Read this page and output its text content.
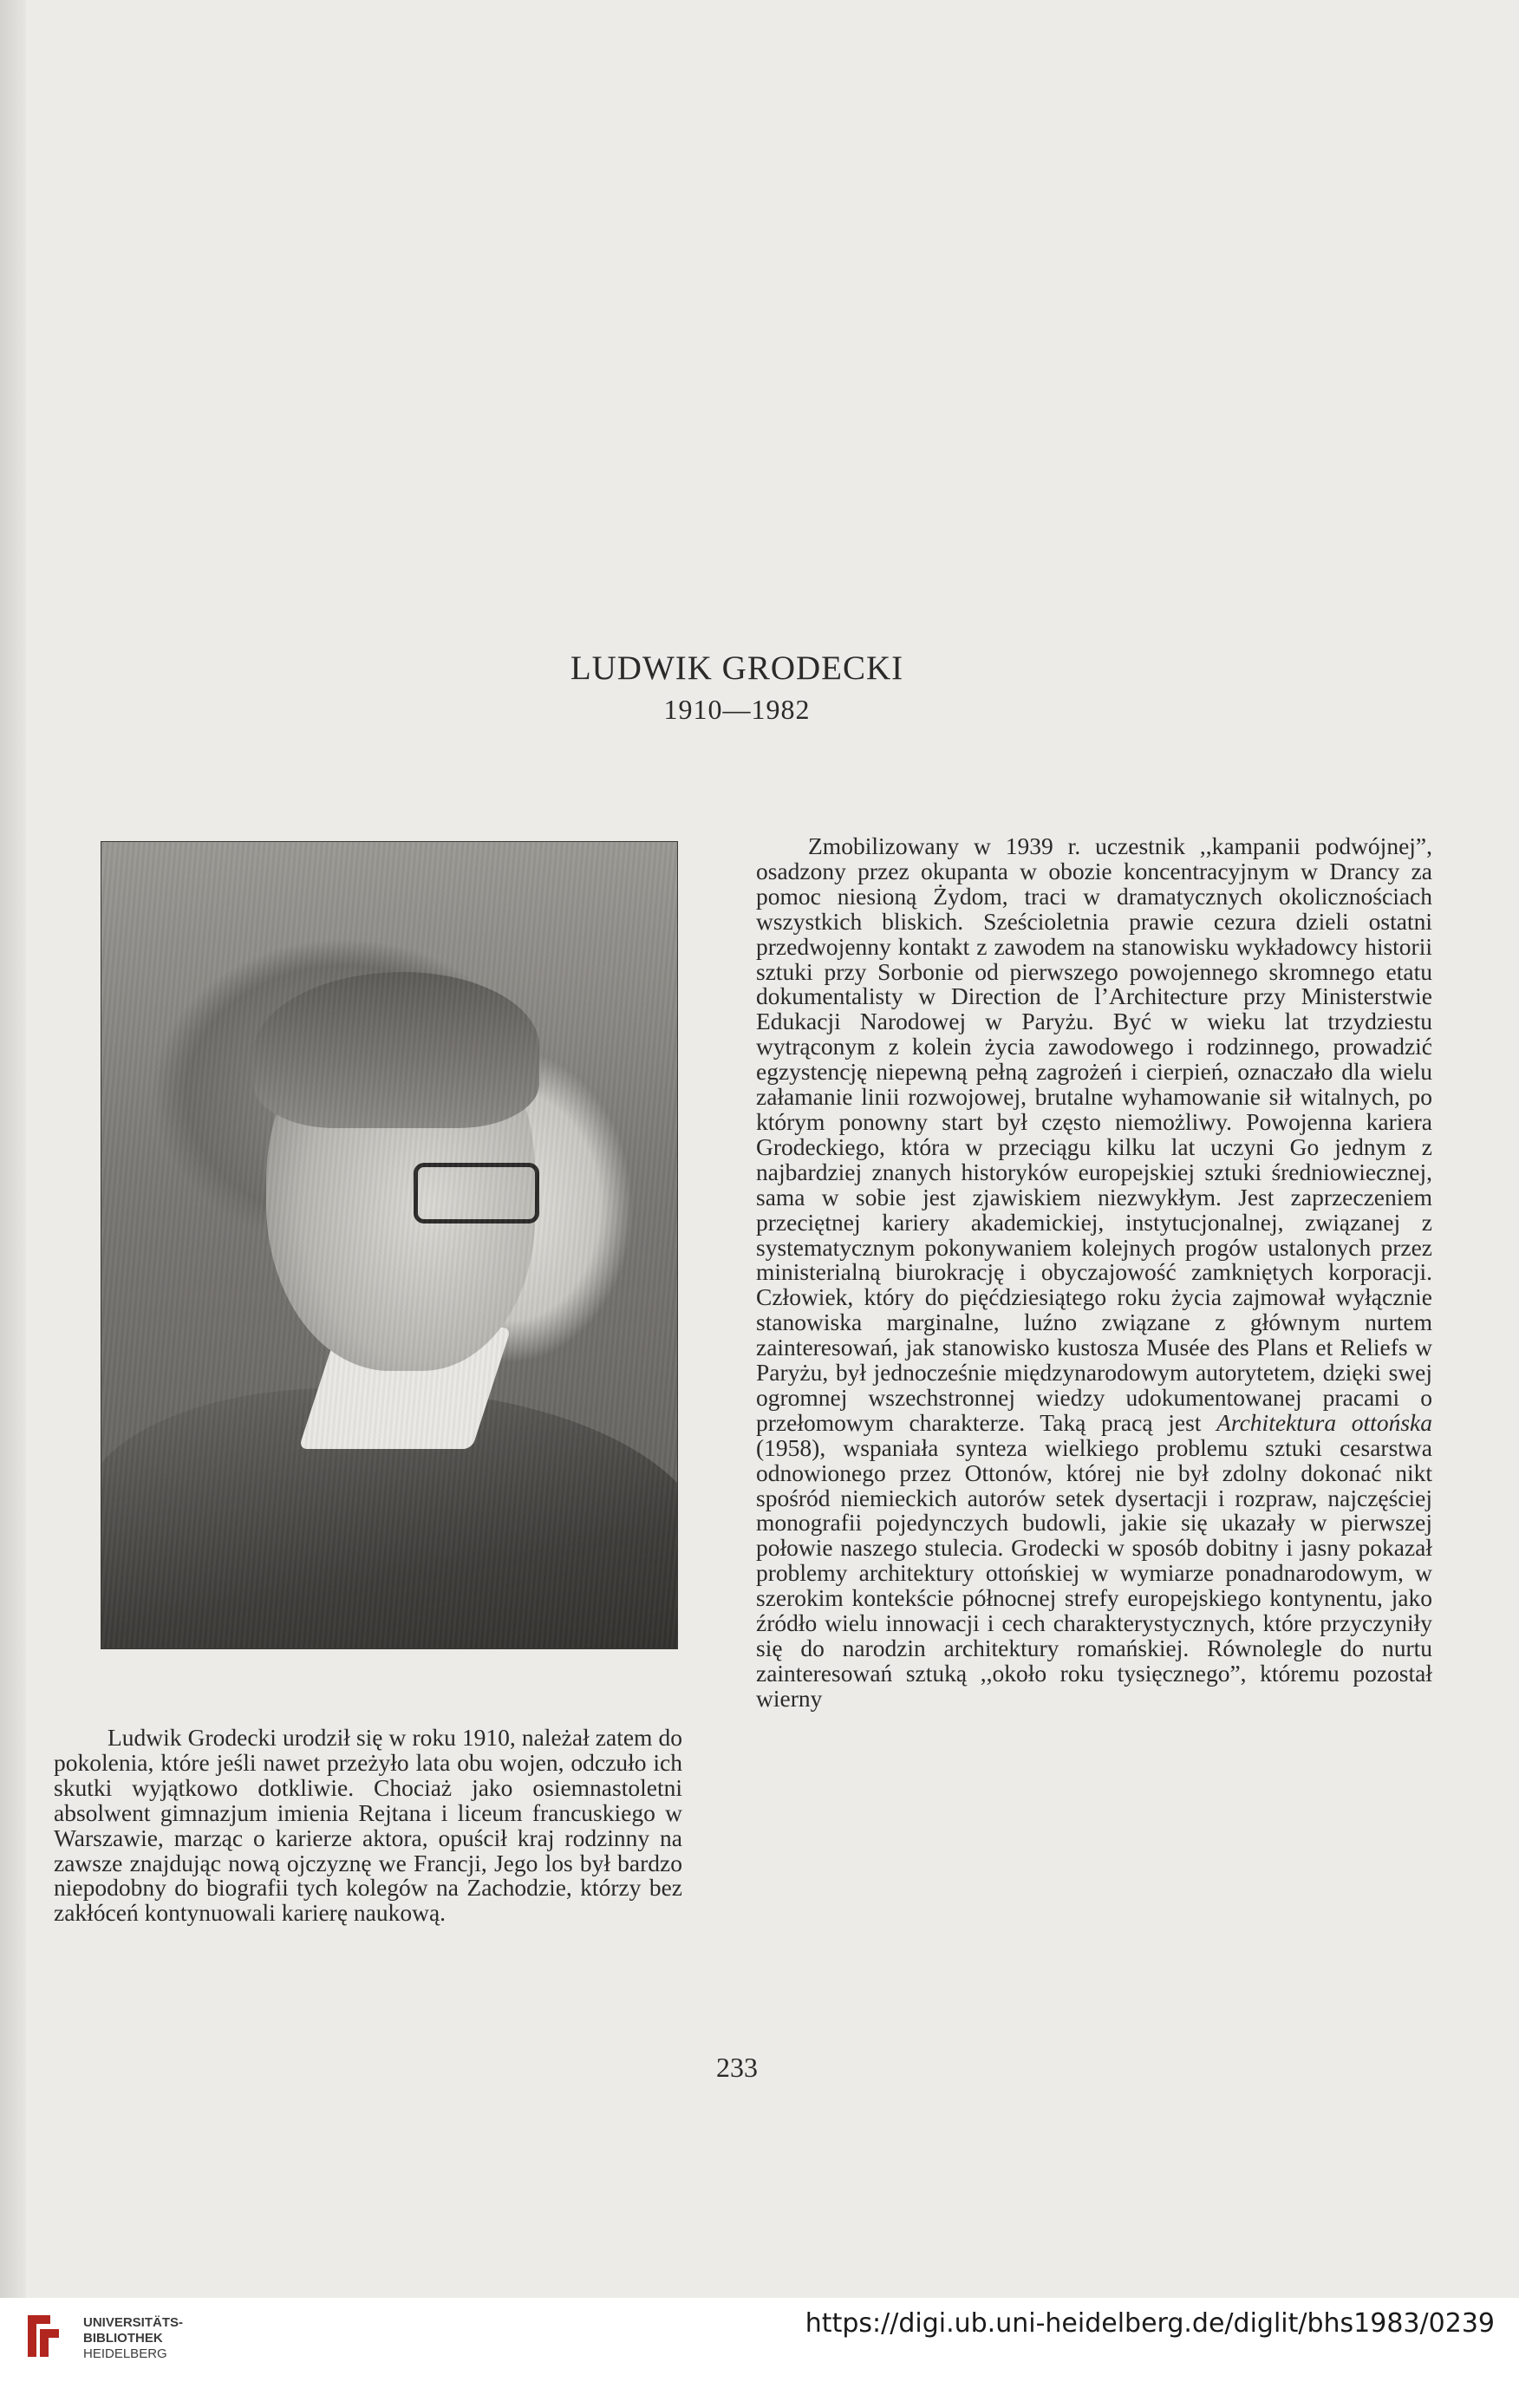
LUDWIK GRODECKI
1910—1982

Ludwik Grodecki urodził się w roku 1910, należał zatem do pokolenia, które jeśli nawet przeżyło lata obu wojen, odczuło ich skutki wyjątkowo dotkliwie. Chociaż jako osiemnastoletni absolwent gimnazjum imienia Rejtana i liceum francuskiego w Warszawie, marząc o karierze aktora, opuścił kraj rodzinny na zawsze znajdując nową ojczyznę we Francji, Jego los był bardzo niepodobny do biografii tych kolegów na Zachodzie, którzy bez zakłóceń kontynuowali karierę naukową.

Zmobilizowany w 1939 r. uczestnik ,,kampanii podwójnej”, osadzony przez okupanta w obozie koncentracyjnym w Drancy za pomoc niesioną Żydom, traci w dramatycznych okolicznościach wszystkich bliskich. Sześcioletnia prawie cezura dzieli ostatni przedwojenny kontakt z zawodem na stanowisku wykładowcy historii sztuki przy Sorbonie od pierwszego powojennego skromnego etatu dokumentalisty w Direction de l’Architecture przy Ministerstwie Edukacji Narodowej w Paryżu. Być w wieku lat trzydziestu wytrąconym z kolein życia zawodowego i rodzinnego, prowadzić egzystencję niepewną pełną zagrożeń i cierpień, oznaczało dla wielu załamanie linii rozwojowej, brutalne wyhamowanie sił witalnych, po którym ponowny start był często niemożliwy. Powojenna kariera Grodeckiego, która w przeciągu kilku lat uczyni Go jednym z najbardziej znanych historyków europejskiej sztuki średniowiecznej, sama w sobie jest zjawiskiem niezwykłym. Jest zaprzeczeniem przeciętnej kariery akademickiej, instytucjonalnej, związanej z systematycznym pokonywaniem kolejnych progów ustalonych przez ministerialną biurokrację i obyczajowość zamkniętych korporacji. Człowiek, który do pięćdziesiątego roku życia zajmował wyłącznie stanowiska marginalne, luźno związane z głównym nurtem zainteresowań, jak stanowisko kustosza Musée des Plans et Reliefs w Paryżu, był jednocześnie międzynarodowym autorytetem, dzięki swej ogromnej wszechstronnej wiedzy udokumentowanej pracami o przełomowym charakterze. Taką pracą jest Architektura ottońska (1958), wspaniała synteza wielkiego problemu sztuki cesarstwa odnowionego przez Ottonów, której nie był zdolny dokonać nikt spośród niemieckich autorów setek dysertacji i rozpraw, najczęściej monografii pojedynczych budowli, jakie się ukazały w pierwszej połowie naszego stulecia. Grodecki w sposób dobitny i jasny pokazał problemy architektury ottońskiej w wymiarze ponadnarodowym, w szerokim kontekście północnej strefy europejskiego kontynentu, jako źródło wielu innowacji i cech charakterystycznych, które przyczyniły się do narodzin architektury romańskiej. Równolegle do nurtu zainteresowań sztuką ,,około roku tysięcznego”, któremu pozostał wierny

233
UNIVERSITÄTS-
BIBLIOTHEK
HEIDELBERG
https://digi.ub.uni-heidelberg.de/diglit/bhs1983/0239
